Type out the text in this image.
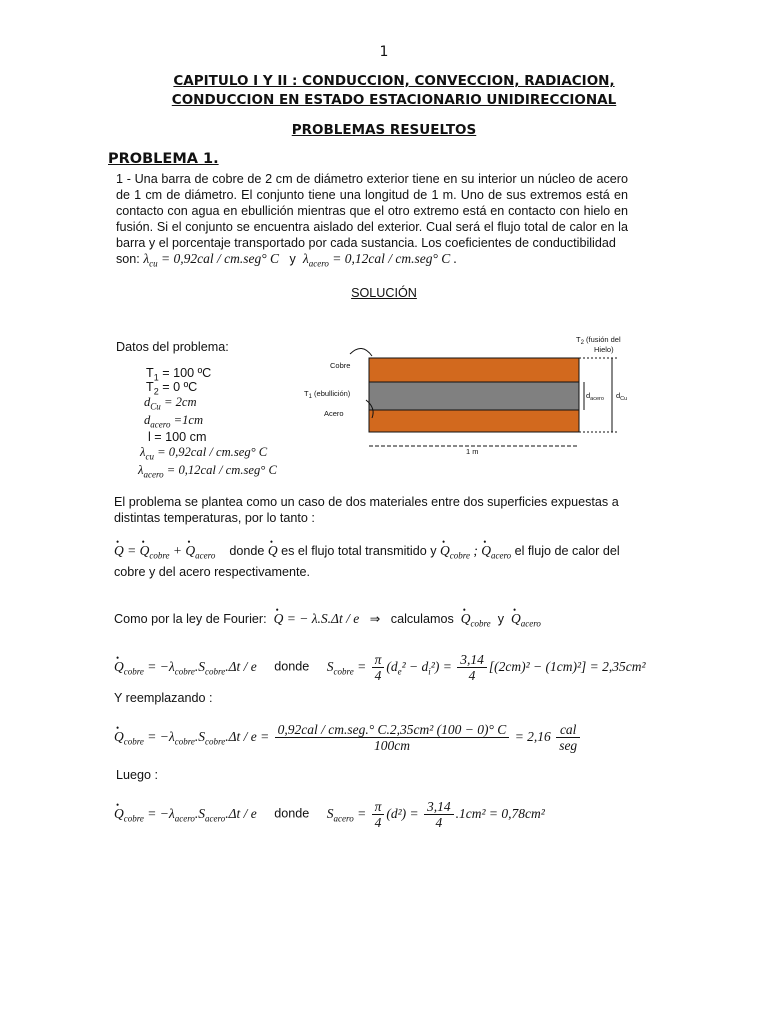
1
CAPITULO I Y II : CONDUCCION, CONVECCION, RADIACION,
CONDUCCION EN ESTADO ESTACIONARIO UNIDIRECCIONAL
PROBLEMAS RESUELTOS
PROBLEMA 1.
1 - Una barra de cobre de 2 cm de diámetro exterior tiene en su interior un núcleo de acero de 1 cm de diámetro. El conjunto tiene una longitud de 1 m. Uno de sus extremos está en contacto con agua en ebullición mientras que el otro extremo está en contacto con hielo en fusión. Si el conjunto se encuentra aislado del exterior. Cual será el flujo total de calor en la barra y el porcentaje transportado por cada sustancia. Los coeficientes de conductibilidad
son: $\lambda_{cu} = 0,92cal / cm.seg^\circ$ C y $\lambda_{acero} = 0,12cal / cm.seg^\circ$ C .
SOLUCIÓN
Datos del problema:
$T_1 = 100$ ºC
$T_2 = 0$ ºC
$d_{Cu} = 2cm$
$d_{acero} =1cm$
l = 100 cm
$\lambda_{cu} = 0,92cal / cm.seg^\circ$ C
$\lambda_{acero} = 0,12cal / cm.seg^\circ$ C
$T_2$ (fusión del
Hielo)
Cobre
$T_1$ (ebullición)
Acero
$d_{acero}$ $d_{Cu}$
1 m
El problema se plantea como un caso de dos materiales entre dos superficies expuestas a distintas temperaturas, por lo tanto :
• Q = • $Q_{cobre}$ + • $Q_{acero}$ donde • Q es el flujo total transmitido y • $Q_{cobre}$ ; • $Q_{acero}$ el flujo de calor del cobre y del acero respectivamente.
Como por la ley de Fourier: • Q = − λ.S.Δt / e ⇒ calculamos • $Q_{cobre}$ y • $Q_{acero}$
• $Q_{cobre} = -\lambda_{cobre}.S_{cobre}.\Delta t / e$ donde $S_{cobre} = \frac{\pi}{4} (d_e^2 - d_i^2) = \frac{3,14}{4} [(2cm)^2 - (1cm)^2] = 2,35cm^2$
Y reemplazando :
• $Q_{cobre} = -\lambda_{cobre}.S_{cobre}.\Delta t / e = \frac{\text{0,92cal / cm.seg.° C.2,35cm² (100 − 0)° C}}{100cm} = 2,16 \frac{\text{cal}}{\text{seg}}$
Luego :
• $Q_{cobre} = -\lambda_{acero}.S_{acero}.\Delta t / e$ donde $S_{acero} = \frac{\pi}{4} (d^2) = \frac{3,14}{4} .1cm^2 = 0,78cm^2$
